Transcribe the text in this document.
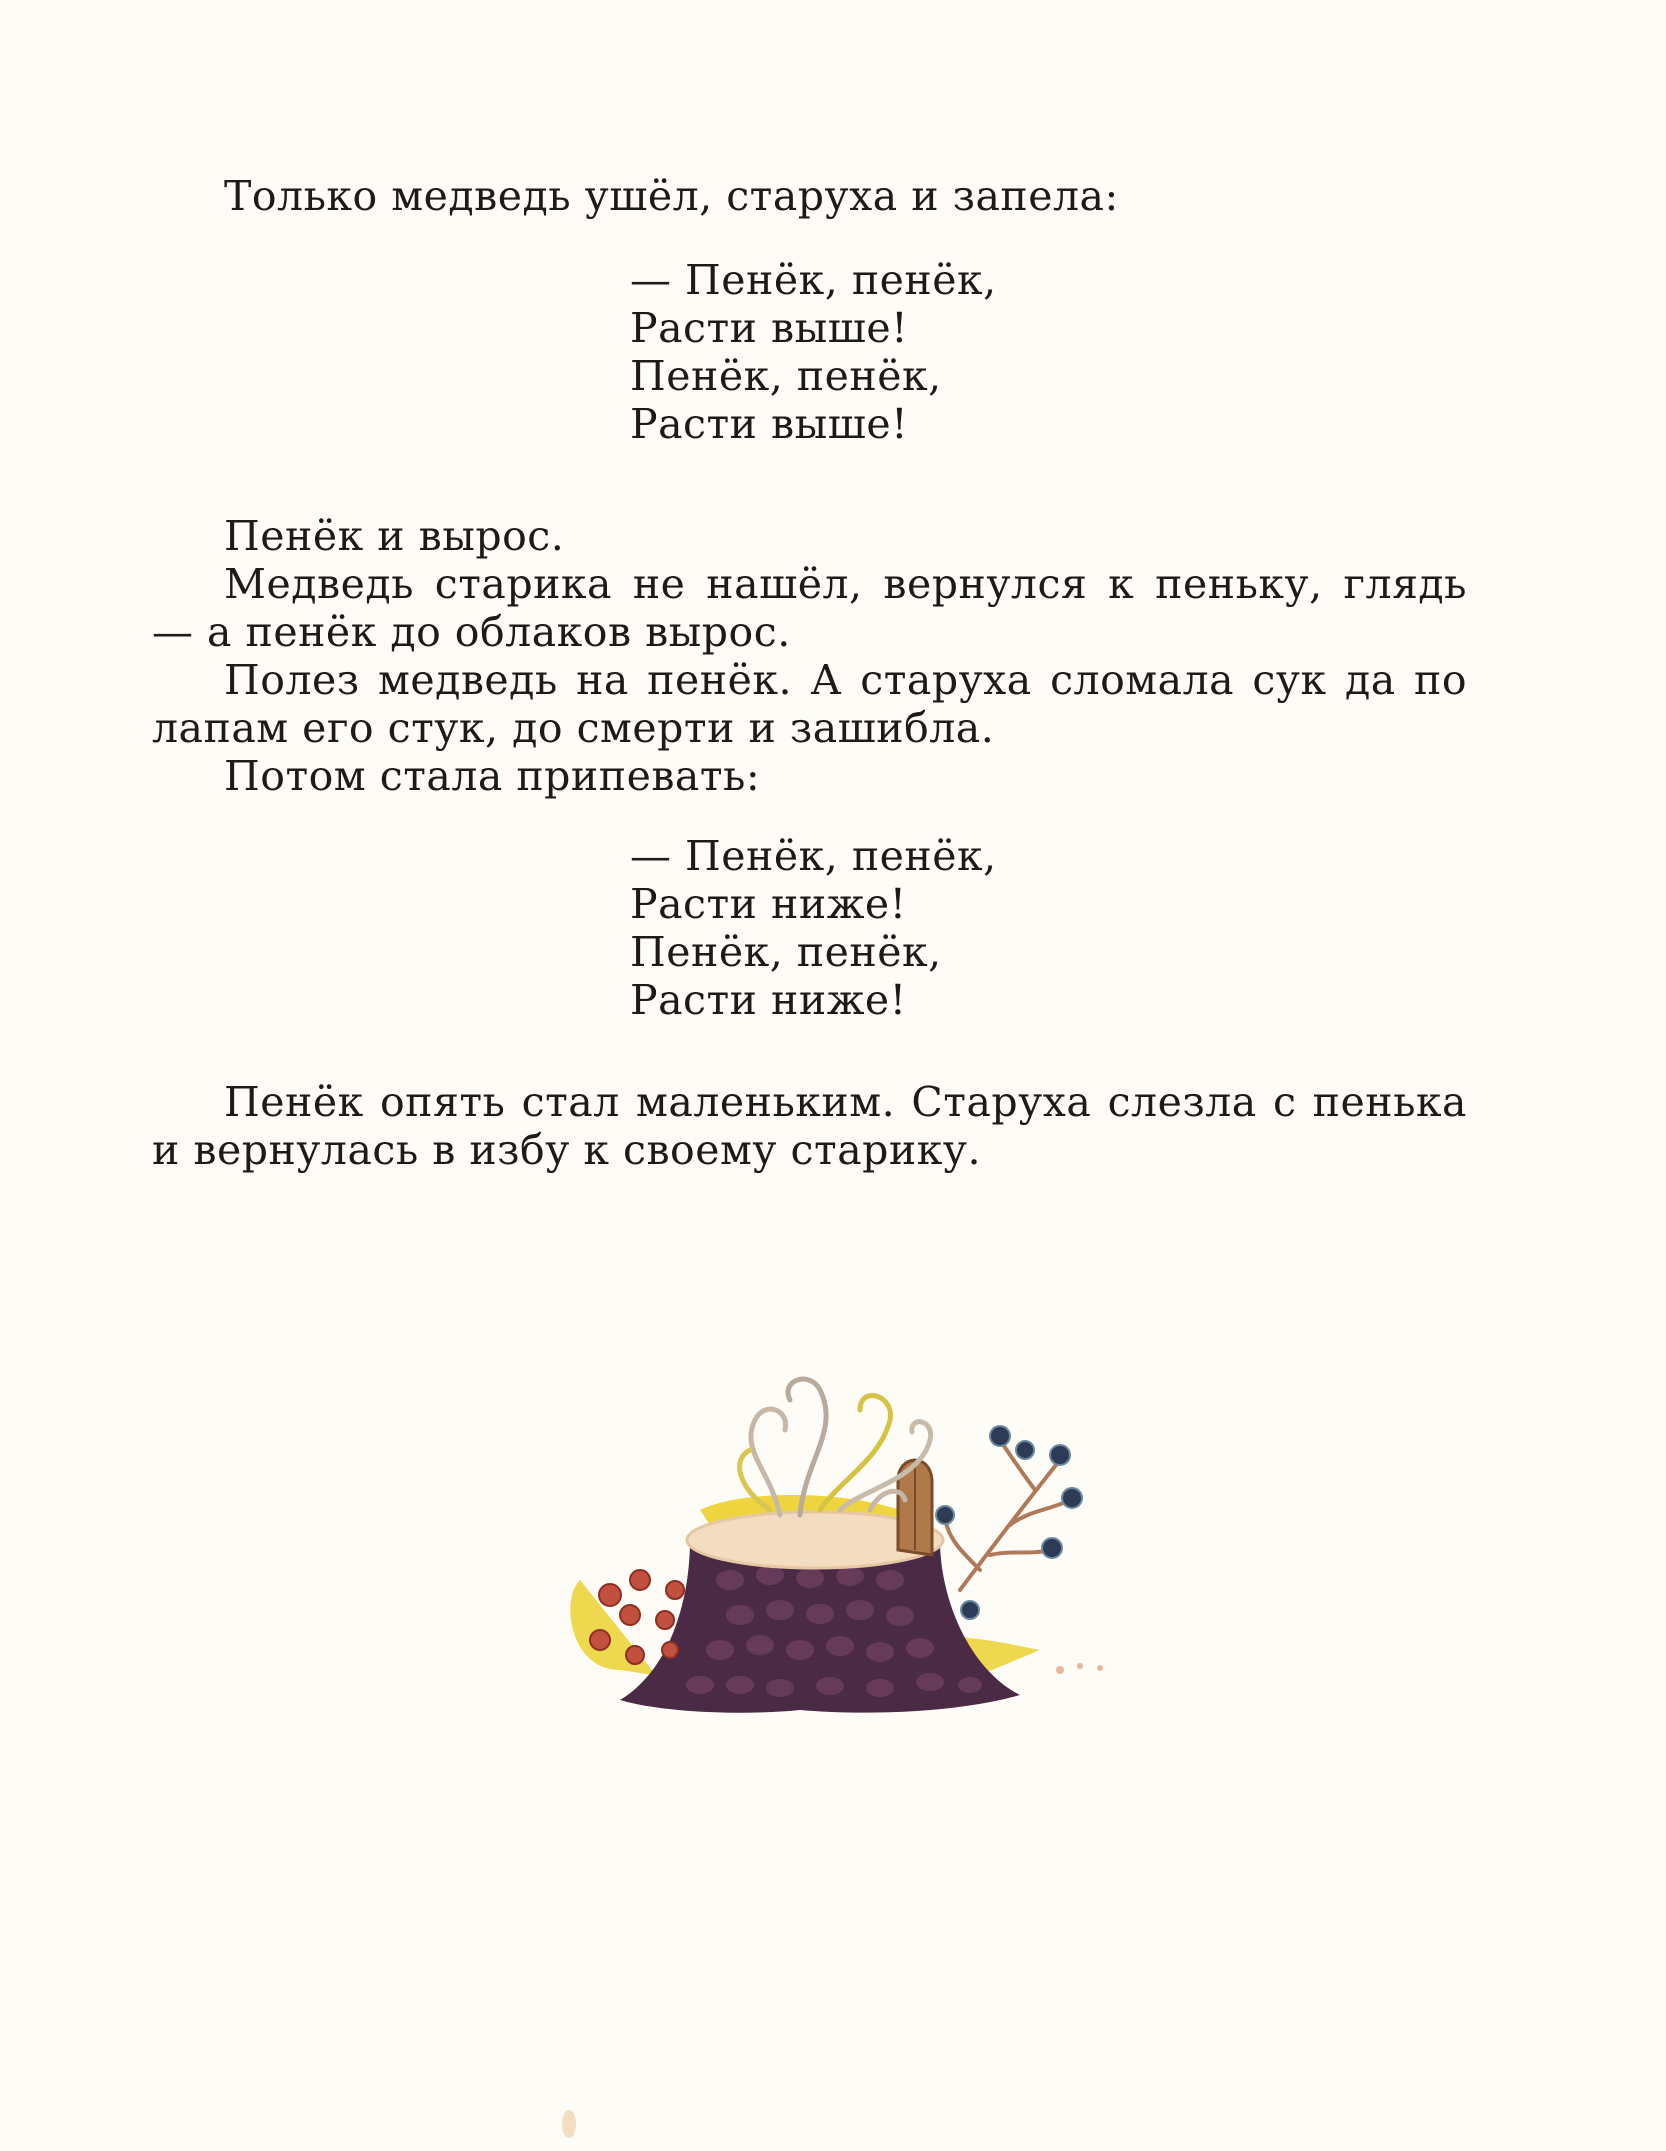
Только медведь ушёл, старуха и запела:

— Пенёк, пенёк,
Расти выше!
Пенёк, пенёк,
Расти выше!

Пенёк и вырос.

Медведь старика не нашёл, вернулся к пеньку, глядь — а пенёк до облаков вырос.

Полез медведь на пенёк. А старуха сломала сук да по лапам его стук, до смерти и зашибла.

Потом стала припевать:

— Пенёк, пенёк,
Расти ниже!
Пенёк, пенёк,
Расти ниже!

Пенёк опять стал маленьким. Старуха слезла с пенька и вернулась в избу к своему старику.
